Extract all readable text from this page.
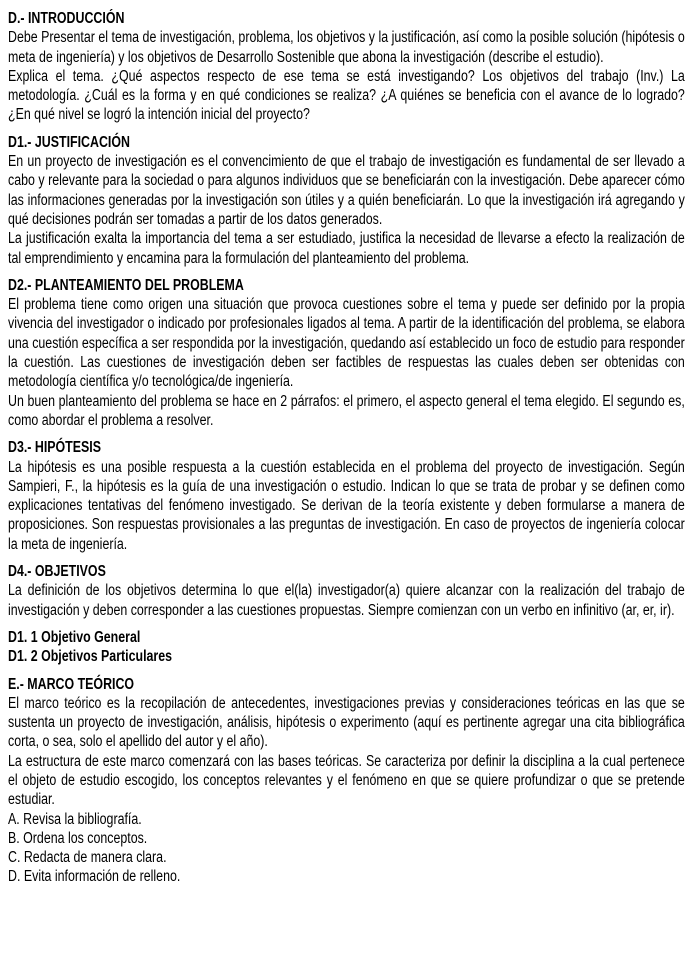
D.- INTRODUCCIÓN

Debe Presentar el tema de investigación, problema, los objetivos y la justificación, así como la posible solución (hipótesis o meta de ingeniería) y los objetivos de Desarrollo Sostenible que abona la investigación (describe el estudio).

Explica el tema. ¿Qué aspectos respecto de ese tema se está investigando? Los objetivos del trabajo (Inv.) La metodología. ¿Cuál es la forma y en qué condiciones se realiza? ¿A quiénes se beneficia con el avance de lo logrado? ¿En qué nivel se logró la intención inicial del proyecto?

D1.- JUSTIFICACIÓN

En un proyecto de investigación es el convencimiento de que el trabajo de investigación es fundamental de ser llevado a cabo y relevante para la sociedad o para algunos individuos que se beneficiarán con la investigación. Debe aparecer cómo las informaciones generadas por la investigación son útiles y a quién beneficiarán. Lo que la investigación irá agregando y qué decisiones podrán ser tomadas a partir de los datos generados.

La justificación exalta la importancia del tema a ser estudiado, justifica la necesidad de llevarse a efecto la realización de tal emprendimiento y encamina para la formulación del planteamiento del problema.

D2.- PLANTEAMIENTO DEL PROBLEMA

El problema tiene como origen una situación que provoca cuestiones sobre el tema y puede ser definido por la propia vivencia del investigador o indicado por profesionales ligados al tema. A partir de la identificación del problema, se elabora una cuestión específica a ser respondida por la investigación, quedando así establecido un foco de estudio para responder la cuestión. Las cuestiones de investigación deben ser factibles de respuestas las cuales deben ser obtenidas con metodología científica y/o tecnológica/de ingeniería.

Un buen planteamiento del problema se hace en 2 párrafos: el primero, el aspecto general el tema elegido. El segundo es, como abordar el problema a resolver.

D3.- HIPÓTESIS

La hipótesis es una posible respuesta a la cuestión establecida en el problema del proyecto de investigación. Según Sampieri, F., la hipótesis es la guía de una investigación o estudio. Indican lo que se trata de probar y se definen como explicaciones tentativas del fenómeno investigado. Se derivan de la teoría existente y deben formularse a manera de proposiciones. Son respuestas provisionales a las preguntas de investigación. En caso de proyectos de ingeniería colocar la meta de ingeniería.

D4.- OBJETIVOS

La definición de los objetivos determina lo que el(la) investigador(a) quiere alcanzar con la realización del trabajo de investigación y deben corresponder a las cuestiones propuestas. Siempre comienzan con un verbo en infinitivo (ar, er, ir).

D1. 1 Objetivo General

D1. 2 Objetivos Particulares

E.- MARCO TEÓRICO

El marco teórico es la recopilación de antecedentes, investigaciones previas y consideraciones teóricas en las que se sustenta un proyecto de investigación, análisis, hipótesis o experimento (aquí es pertinente agregar una cita bibliográfica corta, o sea, solo el apellido del autor y el año).

La estructura de este marco comenzará con las bases teóricas. Se caracteriza por definir la disciplina a la cual pertenece el objeto de estudio escogido, los conceptos relevantes y el fenómeno en que se quiere profundizar o que se pretende estudiar.

A. Revisa la bibliografía.

B. Ordena los conceptos.

C. Redacta de manera clara.

D. Evita información de relleno.
